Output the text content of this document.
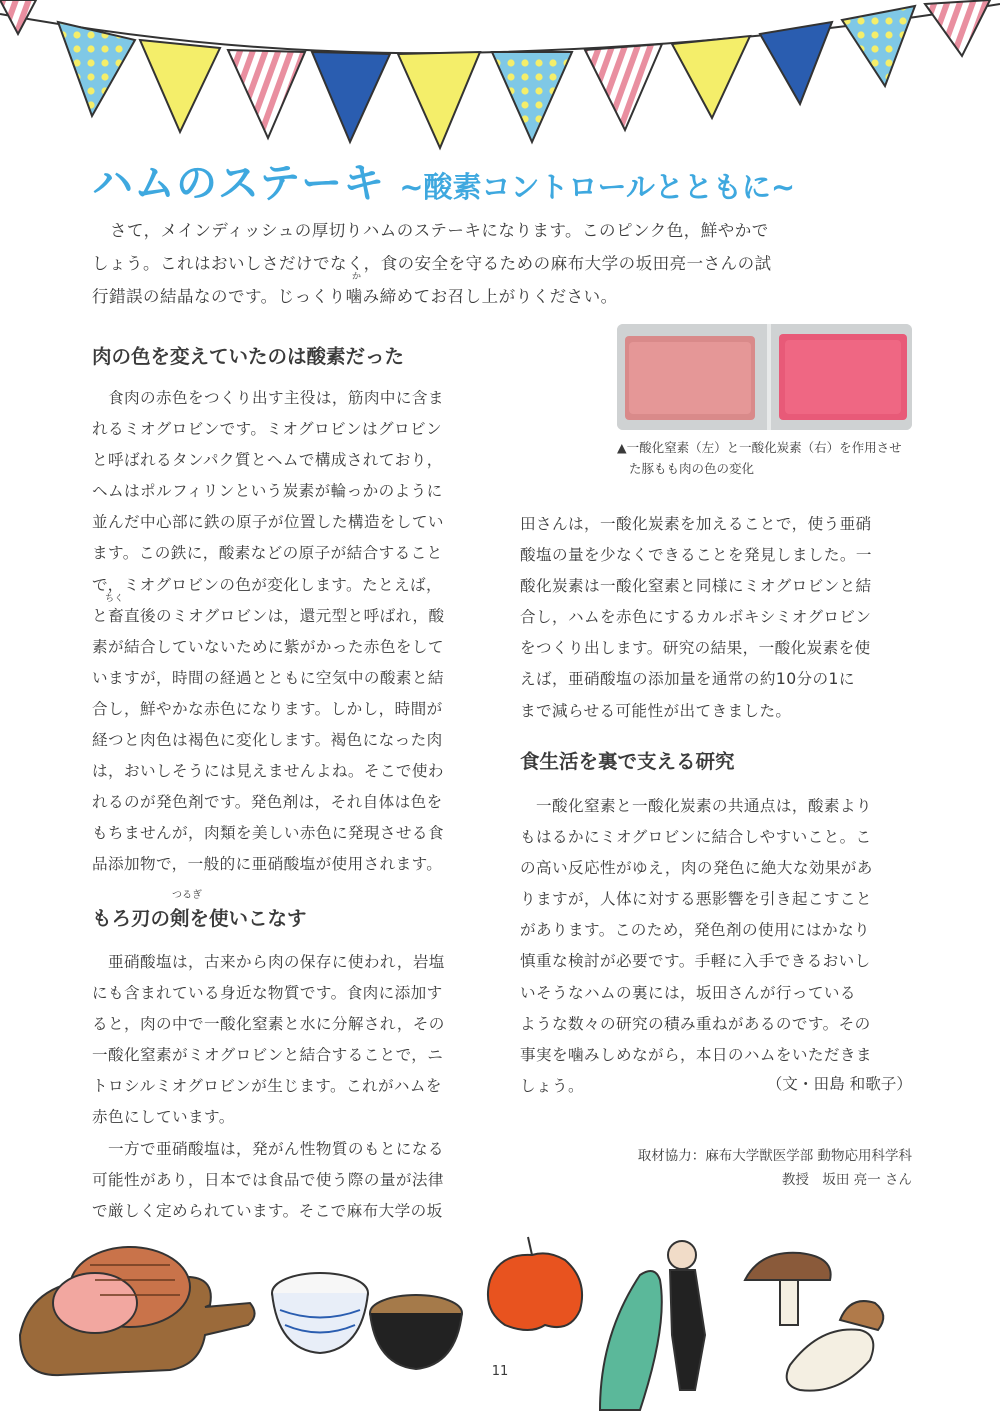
ハムのステーキ ~酸素コントロールとともに~

さて，メインディッシュの厚切りハムのステーキになります。このピンク色，鮮やかで
しょう。これはおいしさだけでなく，食の安全を守るための麻布大学の坂田亮一さんの試
行錯誤の結晶なのです。じっくり噛み締めてお召し上がりください。
か

肉の色を変えていたのは酸素だった
食肉の赤色をつくり出す主役は，筋肉中に含ま
れるミオグロビンです。ミオグロビンはグロビン
と呼ばれるタンパク質とヘムで構成されており，
ヘムはポルフィリンという炭素が輪っかのように
並んだ中心部に鉄の原子が位置した構造をしてい
ます。この鉄に，酸素などの原子が結合すること
で，ミオグロビンの色が変化します。たとえば，
と畜直後のミオグロビンは，還元型と呼ばれ，酸
ちく
素が結合していないために紫がかった赤色をして
いますが，時間の経過とともに空気中の酸素と結
合し，鮮やかな赤色になります。しかし，時間が
経つと肉色は褐色に変化します。褐色になった肉
は，おいしそうには見えませんよね。そこで使わ
れるのが発色剤です。発色剤は，それ自体は色を
もちませんが，肉類を美しい赤色に発現させる食
品添加物で，一般的に亜硝酸塩が使用されます。
もろ刃の剣を使いこなす
つるぎ
亜硝酸塩は，古来から肉の保存に使われ，岩塩
にも含まれている身近な物質です。食肉に添加す
ると，肉の中で一酸化窒素と水に分解され，その
一酸化窒素がミオグロビンと結合することで，ニ
トロシルミオグロビンが生じます。これがハムを
赤色にしています。
一方で亜硝酸塩は，発がん性物質のもとになる
可能性があり，日本では食品で使う際の量が法律
で厳しく定められています。そこで麻布大学の坂
▲一酸化窒素（左）と一酸化炭素（右）を作用させ
た豚もも肉の色の変化
田さんは，一酸化炭素を加えることで，使う亜硝
酸塩の量を少なくできることを発見しました。一
酸化炭素は一酸化窒素と同様にミオグロビンと結
合し，ハムを赤色にするカルボキシミオグロビン
をつくり出します。研究の結果，一酸化炭素を使
えば，亜硝酸塩の添加量を通常の約10分の1に
まで減らせる可能性が出てきました。
食生活を裏で支える研究
一酸化窒素と一酸化炭素の共通点は，酸素より
もはるかにミオグロビンに結合しやすいこと。こ
の高い反応性がゆえ，肉の発色に絶大な効果があ
りますが，人体に対する悪影響を引き起こすこと
があります。このため，発色剤の使用にはかなり
慎重な検討が必要です。手軽に入手できるおいし
いそうなハムの裏には，坂田さんが行っている
ような数々の研究の積み重ねがあるのです。その
事実を噛みしめながら，本日のハムをいただきま
しょう。	（文・田島 和歌子）
取材協力：麻布大学獣医学部 動物応用科学科
教授　坂田 亮一 さん
11
